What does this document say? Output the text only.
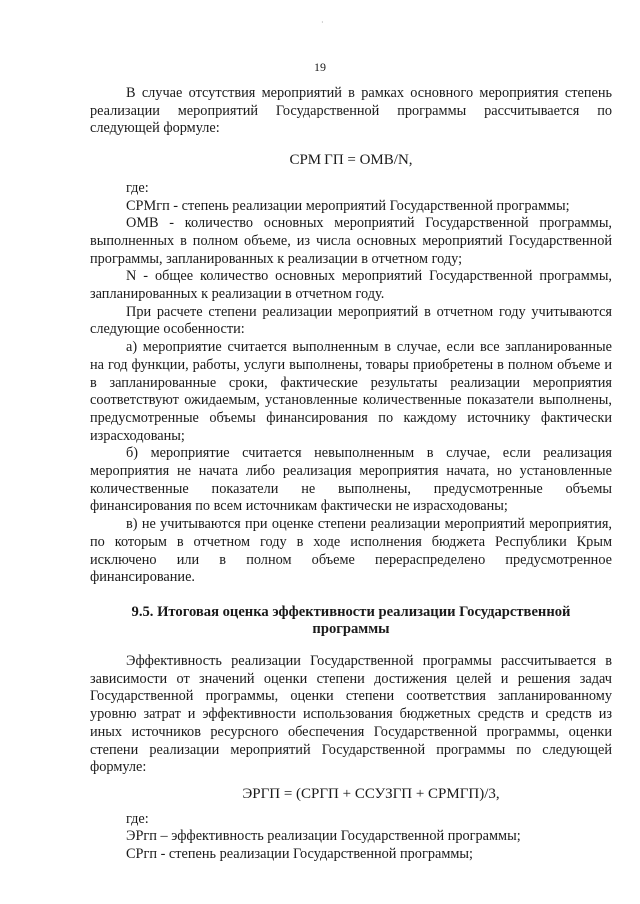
·
19

В случае отсутствия мероприятий в рамках основного мероприятия степень реализации мероприятий Государственной программы рассчитывается по следующей формуле:

СРМ ГП = ОМВ/N,

где:

СРМгп - степень реализации мероприятий Государственной программы;

ОМВ - количество основных мероприятий Государственной программы, выполненных в полном объеме, из числа основных мероприятий Государственной программы, запланированных к реализации в отчетном году;

N - общее количество основных мероприятий Государственной программы, запланированных к реализации в отчетном году.

При расчете степени реализации мероприятий в отчетном году учитываются следующие особенности:

а) мероприятие считается выполненным в случае, если все запланированные на год функции, работы, услуги выполнены, товары приобретены в полном объеме и в запланированные сроки, фактические результаты реализации мероприятия соответствуют ожидаемым, установленные количественные показатели выполнены, предусмотренные объемы финансирования по каждому источнику фактически израсходованы;

б) мероприятие считается невыполненным в случае, если реализация мероприятия не начата либо реализация мероприятия начата, но установленные количественные показатели не выполнены, предусмотренные объемы финансирования по всем источникам фактически не израсходованы;

в) не учитываются при оценке степени реализации мероприятий мероприятия, по которым в отчетном году в ходе исполнения бюджета Республики Крым исключено или в полном объеме перераспределено предусмотренное финансирование.

9.5. Итоговая оценка эффективности реализации Государственной
программы

Эффективность реализации Государственной программы рассчитывается в зависимости от значений оценки степени достижения целей и решения задач Государственной программы, оценки степени соответствия запланированному уровню затрат и эффективности использования бюджетных средств и средств из иных источников ресурсного обеспечения Государственной программы, оценки степени реализации мероприятий Государственной программы по следующей формуле:

ЭРГП = (СРГП + ССУЗГП + СРМГП)/3,

где:

ЭРгп – эффективность реализации Государственной программы;

СРгп - степень реализации Государственной программы;
